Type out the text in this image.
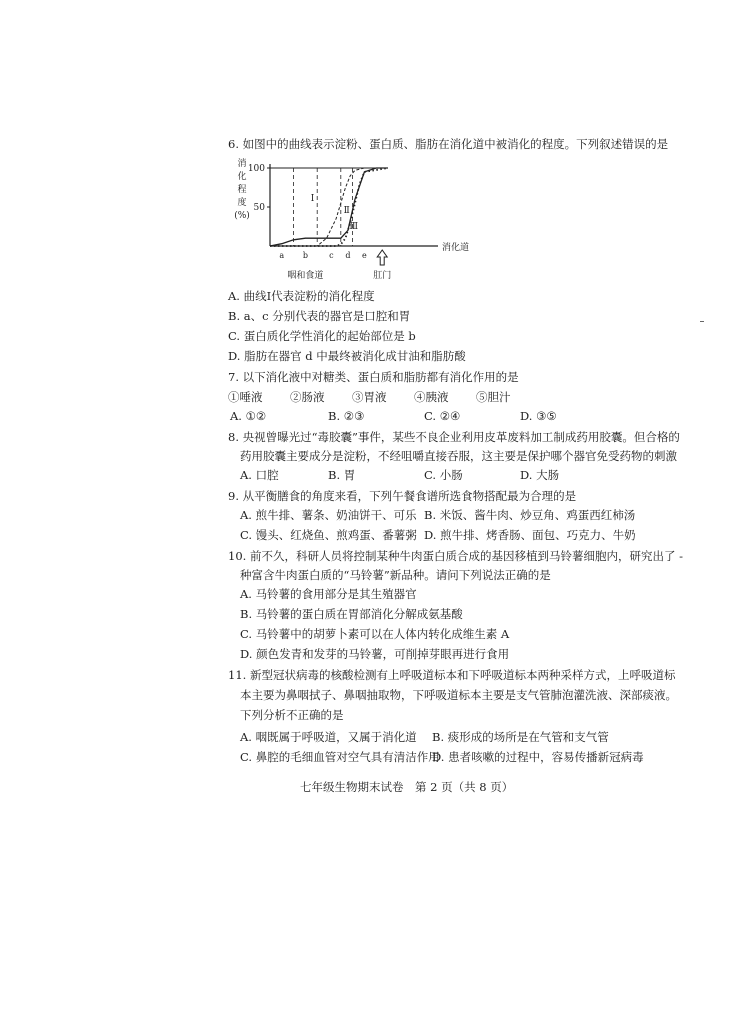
6. 如图中的曲线表示淀粉、蛋白质、脂肪在消化道中被消化的程度。下列叙述错误的是
消
化
程
度
(%)
100
50
a b	c d e
Ⅰ
Ⅱ
Ⅲ
消化道
肛门
咽和食道
A. 曲线Ⅰ代表淀粉的消化程度
B. a、c 分别代表的器官是口腔和胃
C. 蛋白质化学性消化的起始部位是 b
D. 脂肪在器官 d 中最终被消化成甘油和脂肪酸
7. 以下消化液中对糖类、蛋白质和脂肪都有消化作用的是
①唾液 ②肠液 ③胃液 ④胰液 ⑤胆汁
A. ①②	B. ②③	C. ②④	D. ③⑤
8. 央视曾曝光过“毒胶囊”事件，某些不良企业利用皮革废料加工制成药用胶囊。但合格的
药用胶囊主要成分是淀粉，不经咀嚼直接吞服，这主要是保护哪个器官免受药物的刺激
A. 口腔	B. 胃	C. 小肠	D. 大肠
9. 从平衡膳食的角度来看，下列午餐食谱所选食物搭配最为合理的是
A. 煎牛排、薯条、奶油饼干、可乐 B. 米饭、酱牛肉、炒豆角、鸡蛋西红柿汤
C. 馒头、红烧鱼、煎鸡蛋、番薯粥 D. 煎牛排、烤香肠、面包、巧克力、牛奶
10. 前不久，科研人员将控制某种牛肉蛋白质合成的基因移植到马铃薯细胞内，研究出了 -
种富含牛肉蛋白质的“马铃薯”新品种。请问下列说法正确的是
A. 马铃薯的食用部分是其生殖器官
B. 马铃薯的蛋白质在胃部消化分解成氨基酸
C. 马铃薯中的胡萝卜素可以在人体内转化成维生素 A
D. 颜色发青和发芽的马铃薯，可削掉芽眼再进行食用
11. 新型冠状病毒的核酸检测有上呼吸道标本和下呼吸道标本两种采样方式，上呼吸道标
本主要为鼻咽拭子、鼻咽抽取物，下呼吸道标本主要是支气管肺泡灌洗液、深部痰液。
下列分析不正确的是
A. 咽既属于呼吸道，又属于消化道 B. 痰形成的场所是在气管和支气管
C. 鼻腔的毛细血管对空气具有清洁作用
D. 患者咳嗽的过程中，容易传播新冠病毒
七年级生物期末试卷　第 2 页（共 8 页）
